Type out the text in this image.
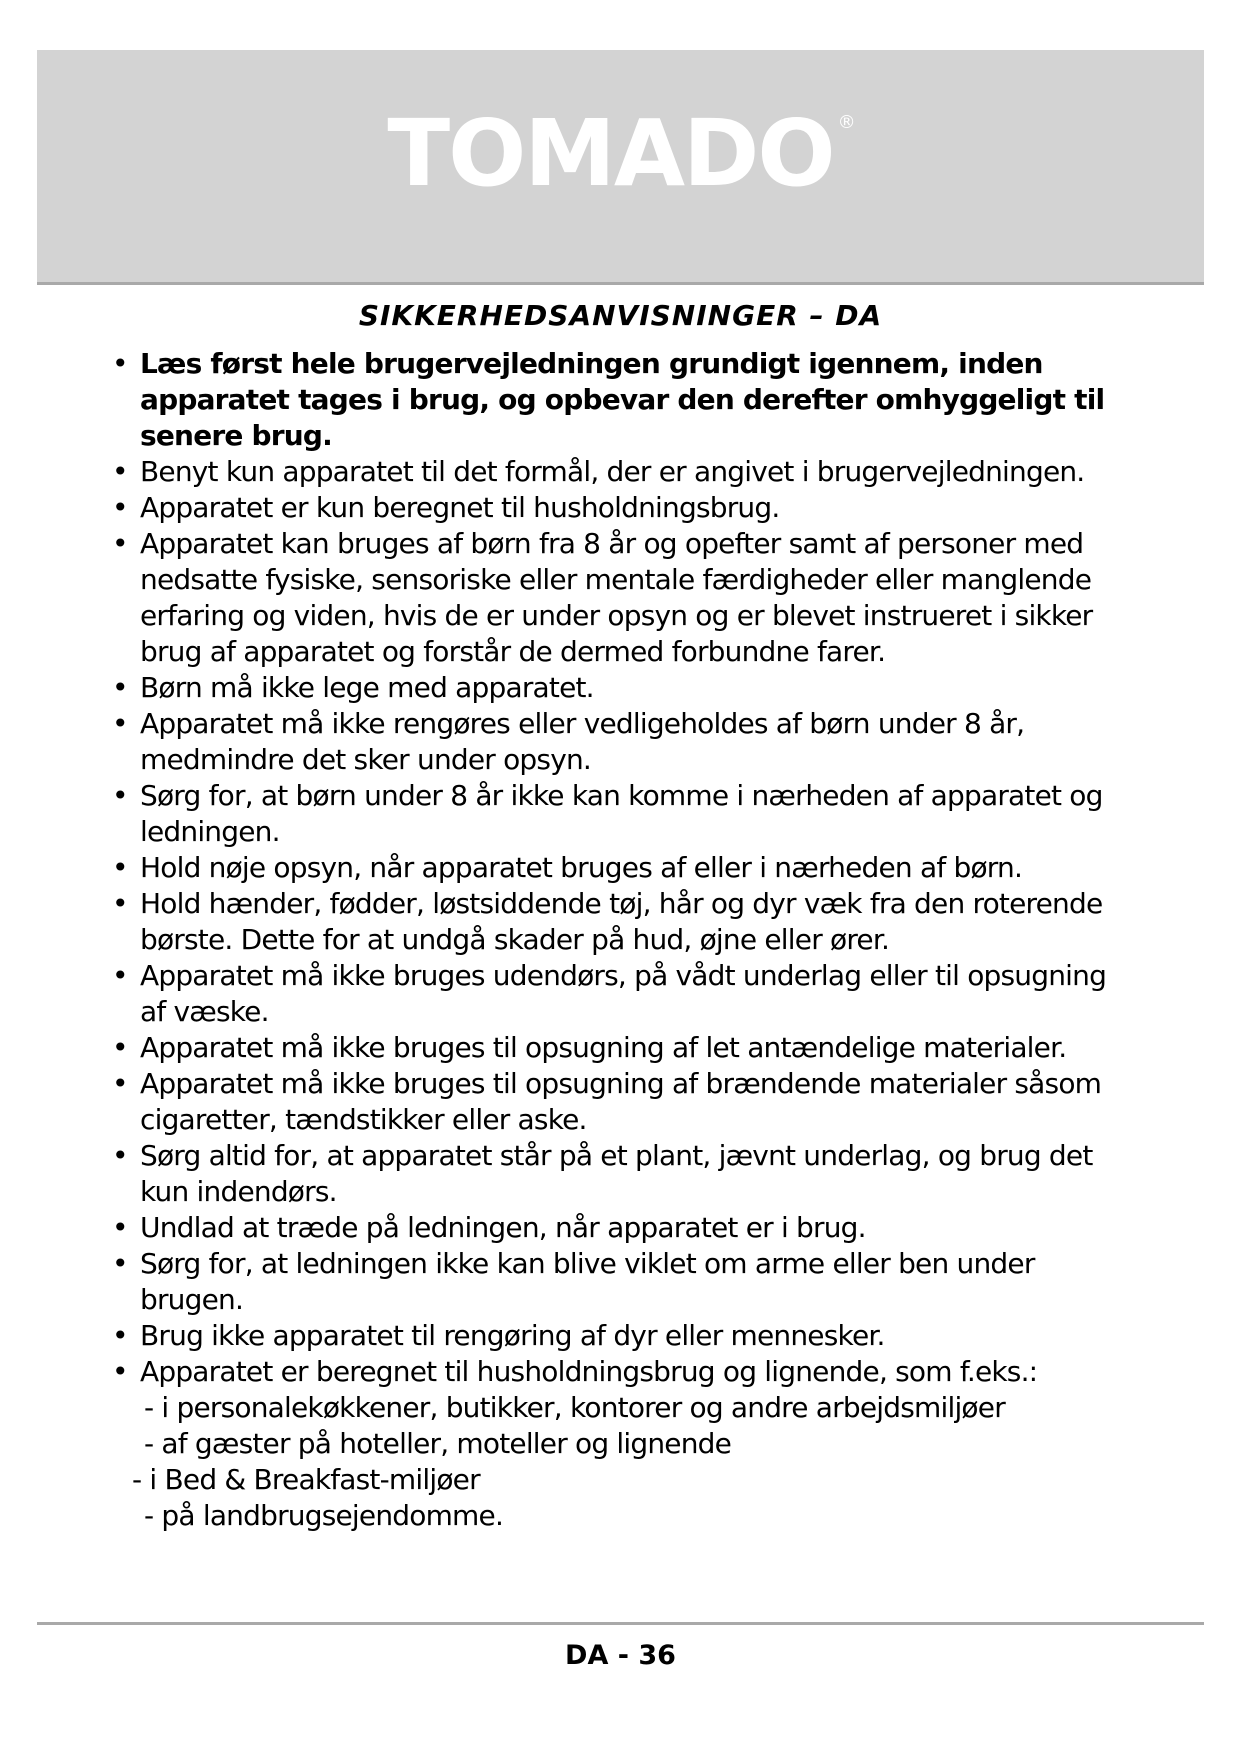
TOMADO ®
SIKKERHEDSANVISNINGER – DA
• Læs først hele brugervejledningen grundigt igennem, inden apparatet tages i brug, og opbevar den derefter omhyggeligt til senere brug.
• Benyt kun apparatet til det formål, der er angivet i brugervejledningen.
• Apparatet er kun beregnet til husholdningsbrug.
• Apparatet kan bruges af børn fra 8 år og opefter samt af personer med nedsatte fysiske, sensoriske eller mentale færdigheder eller manglende erfaring og viden, hvis de er under opsyn og er blevet instrueret i sikker brug af apparatet og forstår de dermed forbundne farer.
• Børn må ikke lege med apparatet.
• Apparatet må ikke rengøres eller vedligeholdes af børn under 8 år, medmindre det sker under opsyn.
• Sørg for, at børn under 8 år ikke kan komme i nærheden af apparatet og ledningen.
• Hold nøje opsyn, når apparatet bruges af eller i nærheden af børn.
• Hold hænder, fødder, løstsiddende tøj, hår og dyr væk fra den roterende børste. Dette for at undgå skader på hud, øjne eller ører.
• Apparatet må ikke bruges udendørs, på vådt underlag eller til opsugning af væske.
• Apparatet må ikke bruges til opsugning af let antændelige materialer.
• Apparatet må ikke bruges til opsugning af brændende materialer såsom cigaretter, tændstikker eller aske.
• Sørg altid for, at apparatet står på et plant, jævnt underlag, og brug det kun indendørs.
• Undlad at træde på ledningen, når apparatet er i brug.
• Sørg for, at ledningen ikke kan blive viklet om arme eller ben under brugen.
• Brug ikke apparatet til rengøring af dyr eller mennesker.
• Apparatet er beregnet til husholdningsbrug og lignende, som f.eks.:
- i personalekøkkener, butikker, kontorer og andre arbejdsmiljøer
- af gæster på hoteller, moteller og lignende
- i Bed & Breakfast-miljøer
- på landbrugsejendomme.
DA - 36
